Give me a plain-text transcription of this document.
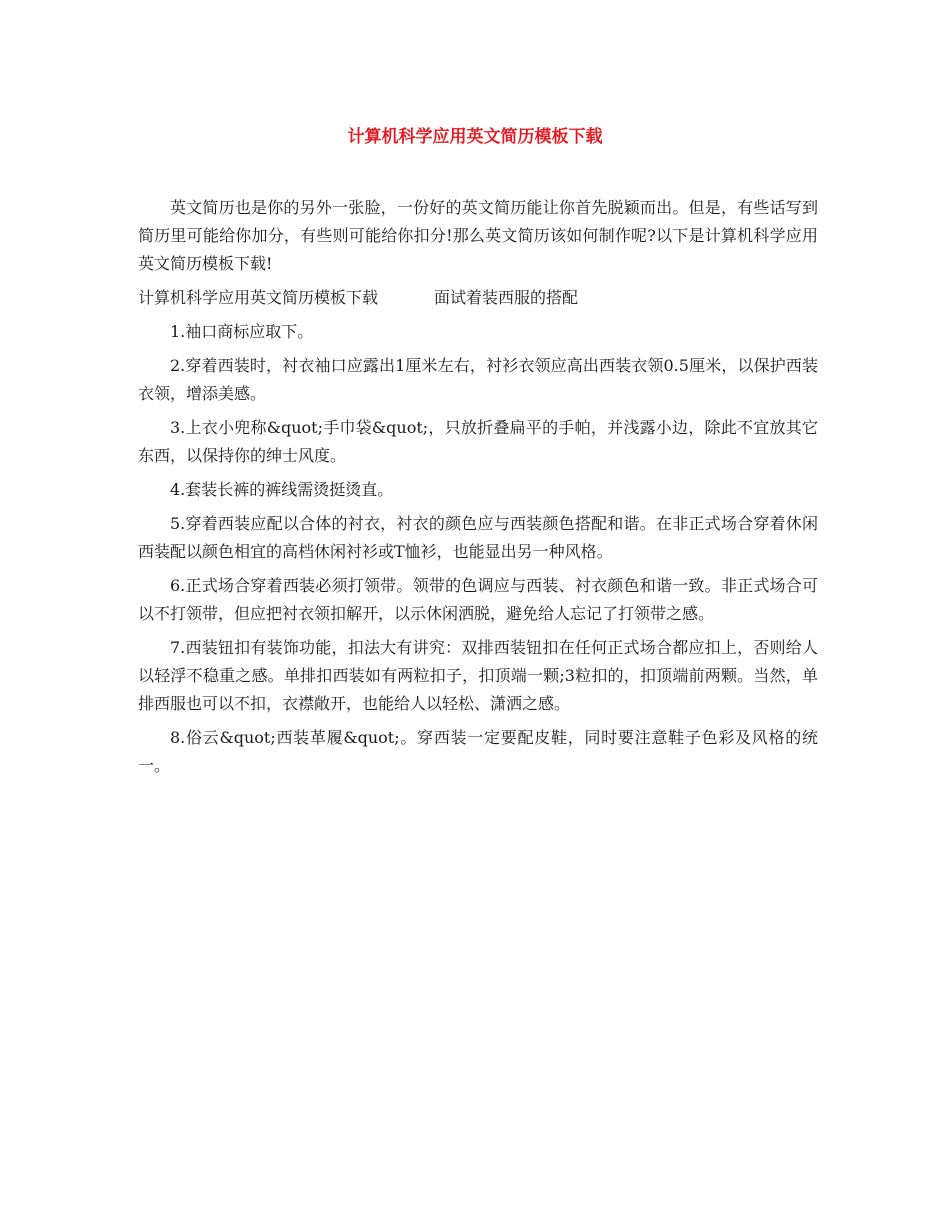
计算机科学应用英文简历模板下载

英文简历也是你的另外一张脸，一份好的英文简历能让你首先脱颖而出。但是，有些话写到简历里可能给你加分，有些则可能给你扣分!那么英文简历该如何制作呢?以下是计算机科学应用英文简历模板下载!

计算机科学应用英文简历模板下载	面试着装西服的搭配

1.袖口商标应取下。

2.穿着西装时，衬衣袖口应露出1厘米左右，衬衫衣领应高出西装衣领0.5厘米，以保护西装衣领，增添美感。

3.上衣小兜称&quot;手巾袋&quot;，只放折叠扁平的手帕，并浅露小边，除此不宜放其它东西，以保持你的绅士风度。

4.套装长裤的裤线需烫挺烫直。

5.穿着西装应配以合体的衬衣，衬衣的颜色应与西装颜色搭配和谐。在非正式场合穿着休闲西装配以颜色相宜的高档休闲衬衫或T恤衫，也能显出另一种风格。

6.正式场合穿着西装必须打领带。领带的色调应与西装、衬衣颜色和谐一致。非正式场合可以不打领带，但应把衬衣领扣解开，以示休闲洒脱，避免给人忘记了打领带之感。

7.西装钮扣有装饰功能，扣法大有讲究：双排西装钮扣在任何正式场合都应扣上，否则给人以轻浮不稳重之感。单排扣西装如有两粒扣子，扣顶端一颗;3粒扣的，扣顶端前两颗。当然，单排西服也可以不扣，衣襟敞开，也能给人以轻松、潇洒之感。

8.俗云&quot;西装革履&quot;。穿西装一定要配皮鞋，同时要注意鞋子色彩及风格的统一。
